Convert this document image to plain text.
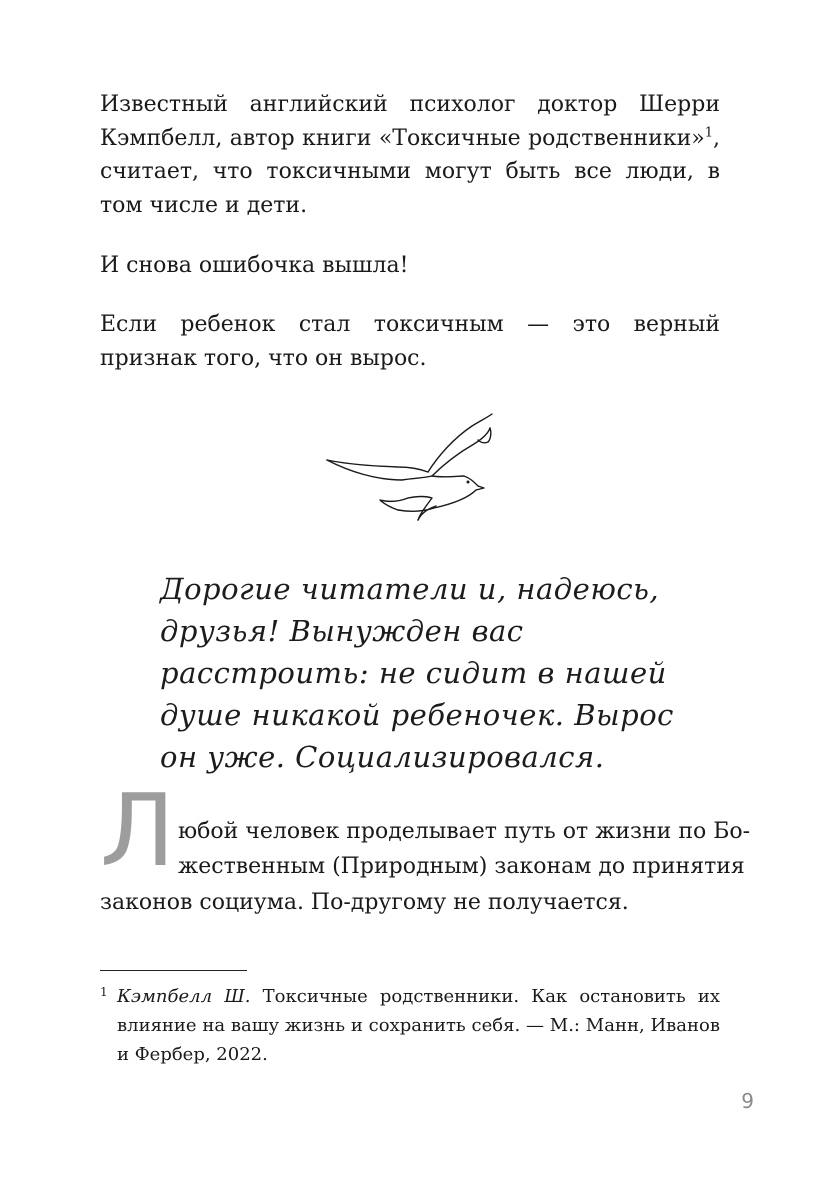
Известный английский психолог доктор Шерри Кэмпбелл, автор книги «Токсичные родственники»$^1$, считает, что токсичными могут быть все люди, в том числе и дети.

И снова ошибочка вышла!

Если ребенок стал токсичным — это верный признак того, что он вырос.

Дорогие читатели и, надеюсь,

друзья! Вынужден вас

расстроить: не сидит в нашей

душе никакой ребеночек. Вырос

он уже. Социализировался.

Л юбой человек проделывает путь от жизни по Бо-

жественным (Природным) законам до принятия

законов социума. По-другому не получается.

1 Кэмпбелл Ш. Токсичные родственники. Как остановить их влияние на вашу жизнь и сохранить себя. — М.: Манн, Иванов и Фербер, 2022.

9
